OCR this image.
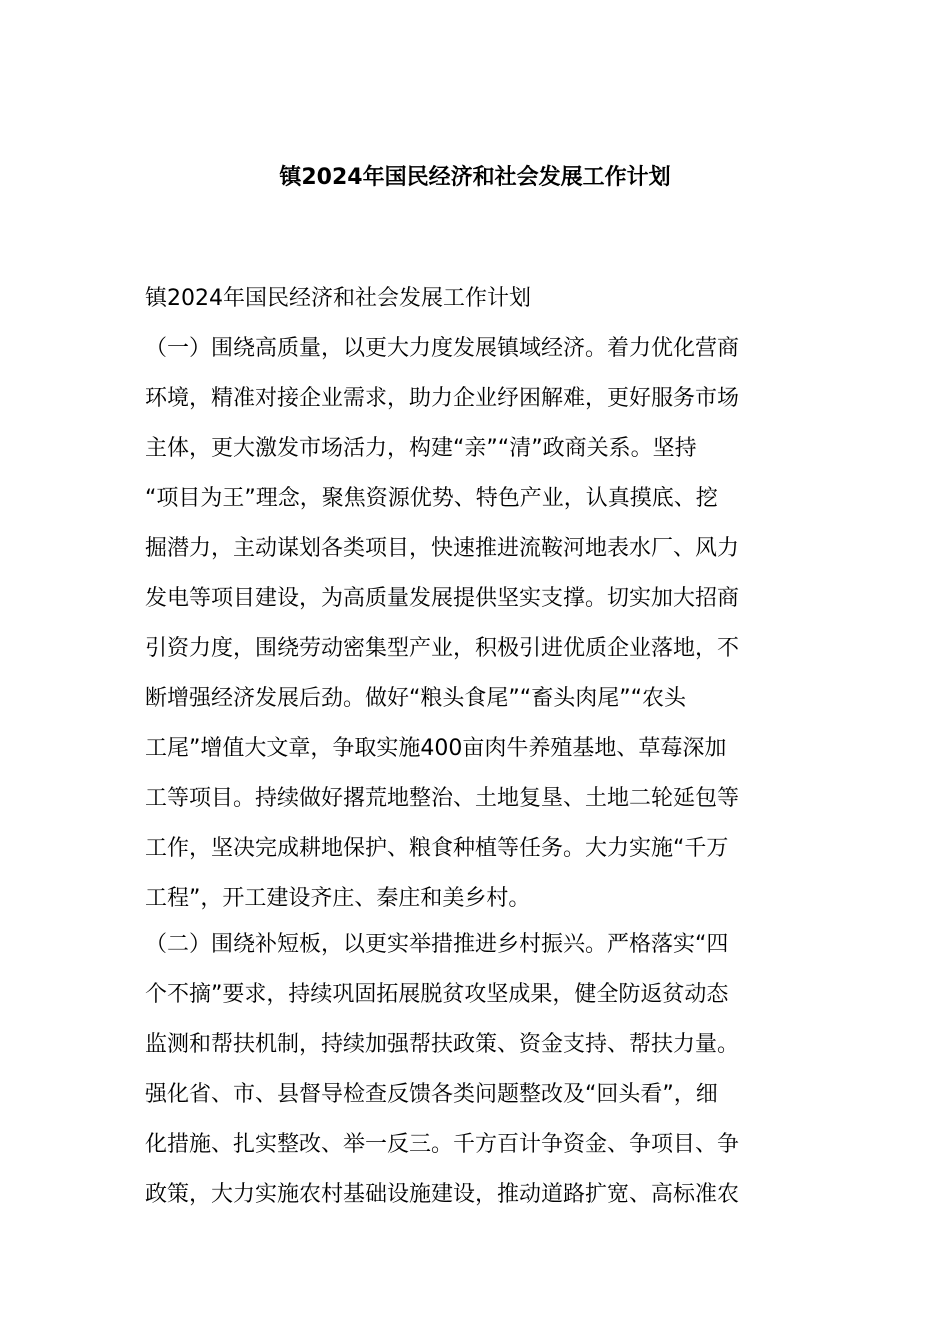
镇2024年国民经济和社会发展工作计划
镇2024年国民经济和社会发展工作计划
（一）围绕高质量，以更大力度发展镇域经济。着力优化营商
环境，精准对接企业需求，助力企业纾困解难，更好服务市场
主体，更大激发市场活力，构建“亲”“清”政商关系。坚持
“项目为王”理念，聚焦资源优势、特色产业，认真摸底、挖
掘潜力，主动谋划各类项目，快速推进流鞍河地表水厂、风力
发电等项目建设，为高质量发展提供坚实支撑。切实加大招商
引资力度，围绕劳动密集型产业，积极引进优质企业落地，不
断增强经济发展后劲。做好“粮头食尾”“畜头肉尾”“农头
工尾”增值大文章，争取实施400亩肉牛养殖基地、草莓深加
工等项目。持续做好撂荒地整治、土地复垦、土地二轮延包等
工作，坚决完成耕地保护、粮食种植等任务。大力实施“千万
工程”，开工建设齐庄、秦庄和美乡村。
（二）围绕补短板，以更实举措推进乡村振兴。严格落实“四
个不摘”要求，持续巩固拓展脱贫攻坚成果，健全防返贫动态
监测和帮扶机制，持续加强帮扶政策、资金支持、帮扶力量。
强化省、市、县督导检查反馈各类问题整改及“回头看”，细
化措施、扎实整改、举一反三。千方百计争资金、争项目、争
政策，大力实施农村基础设施建设，推动道路扩宽、高标准农
